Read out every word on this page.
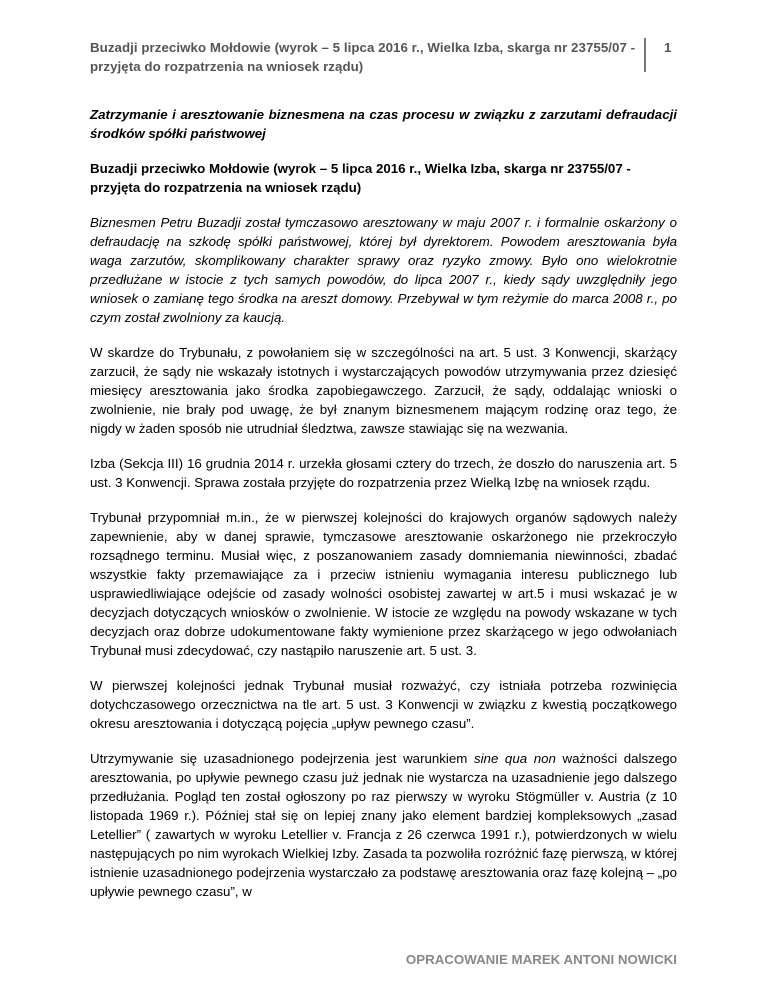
Buzadji przeciwko Mołdowie (wyrok – 5 lipca 2016 r., Wielka Izba, skarga nr 23755/07 - przyjęta do rozpatrzenia na wniosek rządu)
1

Zatrzymanie i aresztowanie biznesmena na czas procesu w związku z zarzutami defraudacji środków spółki państwowej

Buzadji przeciwko Mołdowie (wyrok – 5 lipca 2016 r., Wielka Izba, skarga nr 23755/07 - przyjęta do rozpatrzenia na wniosek rządu)

Biznesmen Petru Buzadji został tymczasowo aresztowany w maju 2007 r. i formalnie oskarżony o defraudację na szkodę spółki państwowej, której był dyrektorem. Powodem aresztowania była waga zarzutów, skomplikowany charakter sprawy oraz ryzyko zmowy. Było ono wielokrotnie przedłużane w istocie z tych samych powodów, do lipca 2007 r., kiedy sądy uwzględniły jego wniosek o zamianę tego środka na areszt domowy. Przebywał w tym reżymie do marca 2008 r., po czym został zwolniony za kaucją.

W skardze do Trybunału, z powołaniem się w szczególności na art. 5 ust. 3 Konwencji, skarżący zarzucił, że sądy nie wskazały istotnych i wystarczających powodów utrzymywania przez dziesięć miesięcy aresztowania jako środka zapobiegawczego. Zarzucił, że sądy, oddalając wnioski o zwolnienie, nie brały pod uwagę, że był znanym biznesmenem mającym rodzinę oraz tego, że nigdy w żaden sposób nie utrudniał śledztwa, zawsze stawiając się na wezwania.

Izba (Sekcja III) 16 grudnia 2014 r. urzekła głosami cztery do trzech, że doszło do naruszenia art. 5 ust. 3 Konwencji. Sprawa została przyjęte do rozpatrzenia przez Wielką Izbę na wniosek rządu.

Trybunał przypomniał m.in., że w pierwszej kolejności do krajowych organów sądowych należy zapewnienie, aby w danej sprawie, tymczasowe aresztowanie oskarżonego nie przekroczyło rozsądnego terminu. Musiał więc, z poszanowaniem zasady domniemania niewinności, zbadać wszystkie fakty przemawiające za i przeciw istnieniu wymagania interesu publicznego lub usprawiedliwiające odejście od zasady wolności osobistej zawartej w art.5 i musi wskazać je w decyzjach dotyczących wniosków o zwolnienie. W istocie ze względu na powody wskazane w tych decyzjach oraz dobrze udokumentowane fakty wymienione przez skarżącego w jego odwołaniach Trybunał musi zdecydować, czy nastąpiło naruszenie art. 5 ust. 3.

W pierwszej kolejności jednak Trybunał musiał rozważyć, czy istniała potrzeba rozwinięcia dotychczasowego orzecznictwa na tle art. 5 ust. 3 Konwencji w związku z kwestią początkowego okresu aresztowania i dotyczącą pojęcia „upływ pewnego czasu”.

Utrzymywanie się uzasadnionego podejrzenia jest warunkiem sine qua non ważności dalszego aresztowania, po upływie pewnego czasu już jednak nie wystarcza na uzasadnienie jego dalszego przedłużania. Pogląd ten został ogłoszony po raz pierwszy w wyroku Stögmüller v. Austria (z 10 listopada 1969 r.). Później stał się on lepiej znany jako element bardziej kompleksowych „zasad Letellier” ( zawartych w wyroku Letellier v. Francja z 26 czerwca 1991 r.), potwierdzonych w wielu następujących po nim wyrokach Wielkiej Izby. Zasada ta pozwoliła rozróżnić fazę pierwszą, w której istnienie uzasadnionego podejrzenia wystarczało za podstawę aresztowania oraz fazę kolejną – „po upływie pewnego czasu”, w

OPRACOWANIE MAREK ANTONI NOWICKI
